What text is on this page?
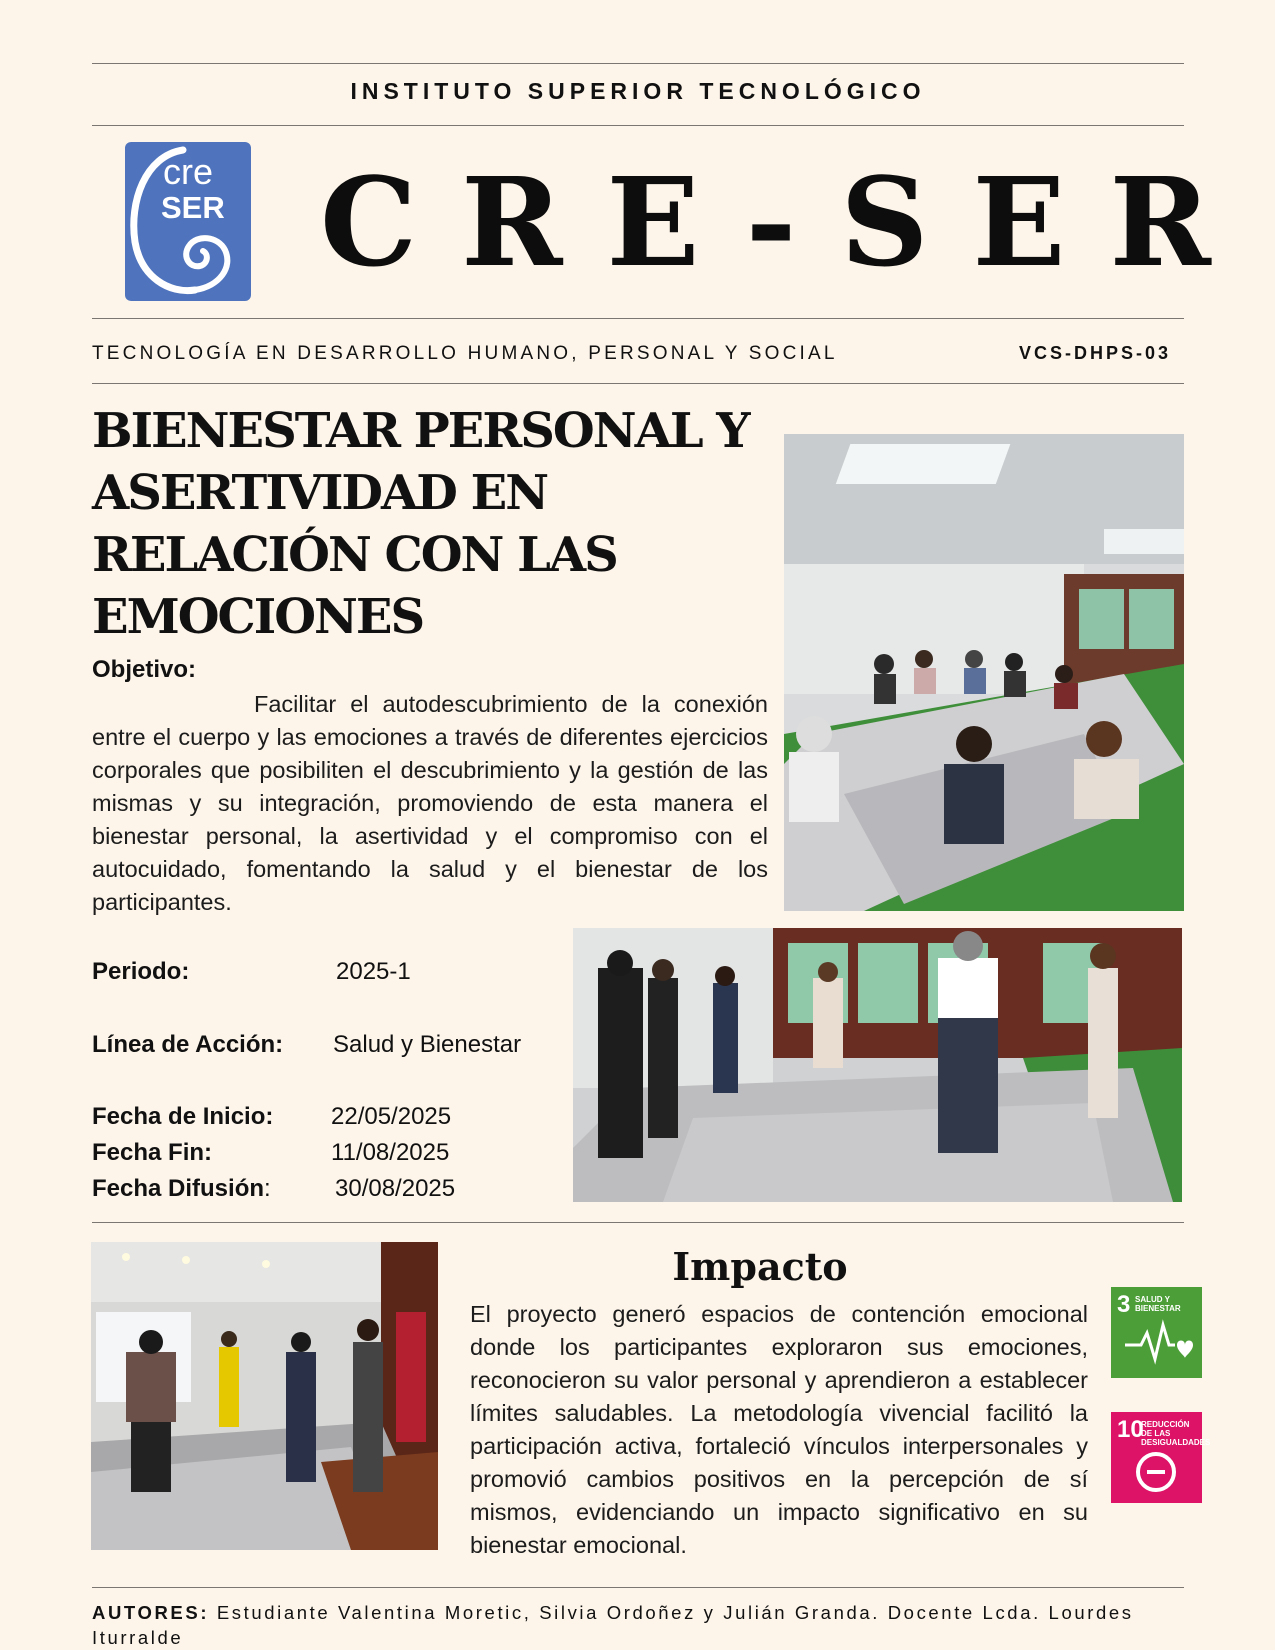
INSTITUTO SUPERIOR TECNOLÓGICO
cre
SER CRE-SER
TECNOLOGÍA EN DESARROLLO HUMANO, PERSONAL Y SOCIAL	VCS-DHPS-03
BIENESTAR PERSONAL Y ASERTIVIDAD EN RELACIÓN CON LAS EMOCIONES
Objetivo:
Facilitar el autodescubrimiento de la conexión entre el cuerpo y las emociones a través de diferentes ejercicios corporales que posibiliten el descubrimiento y la gestión de las mismas y su integración, promoviendo de esta manera el bienestar personal, la asertividad y el compromiso con el autocuidado, fomentando la salud y el bienestar de los participantes.
Periodo:	2025-1
Línea de Acción: Salud y Bienestar
Fecha de Inicio: 22/05/2025
Fecha Fin:	11/08/2025
Fecha Difusión:	30/08/2025
Impacto
El proyecto generó espacios de contención emocional donde los participantes exploraron sus emociones, reconocieron su valor personal y aprendieron a establecer límites saludables. La metodología vivencial facilitó la participación activa, fortaleció vínculos interpersonales y promovió cambios positivos en la percepción de sí mismos, evidenciando un impacto significativo en su bienestar emocional.
3 SALUD Y BIENESTAR
10
REDUCCIÓN DE LAS DESIGUALDADES
AUTORES: Estudiante Valentina Moretic, Silvia Ordoñez y Julián Granda. Docente Lcda. Lourdes Iturralde
